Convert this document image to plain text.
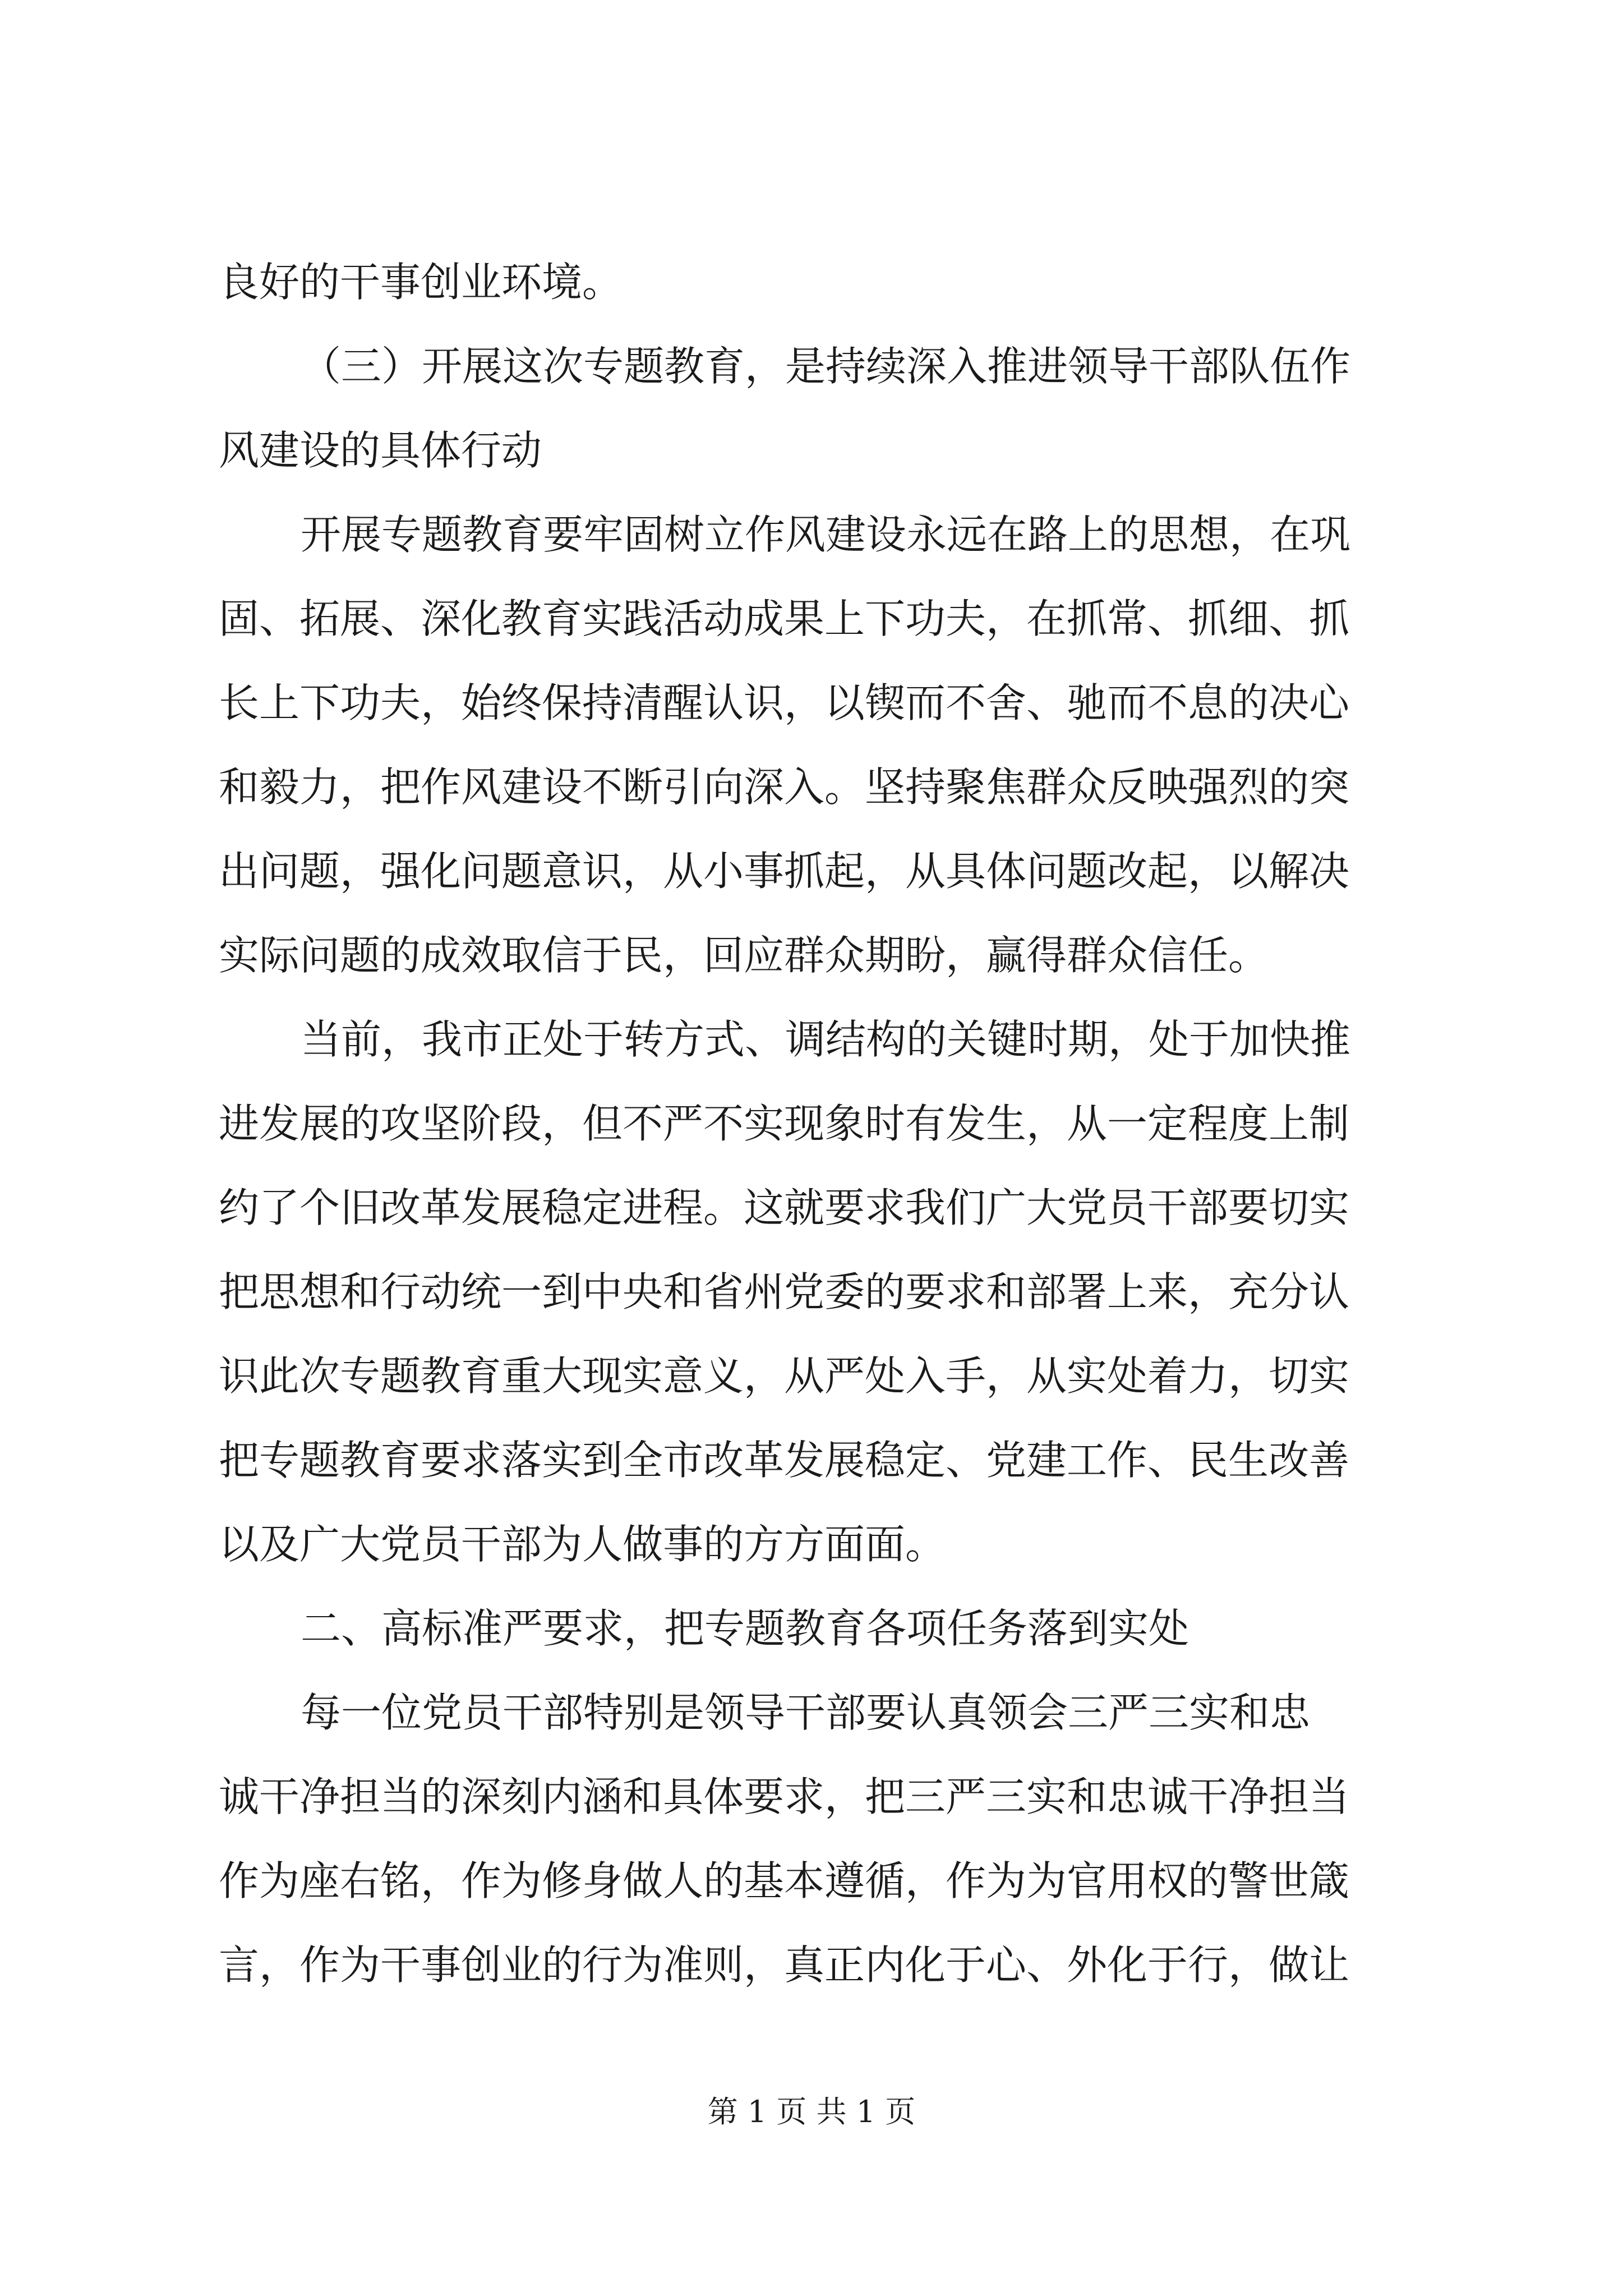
良好的干事创业环境。
（三）开展这次专题教育，是持续深入推进领导干部队伍作
风建设的具体行动
开展专题教育要牢固树立作风建设永远在路上的思想，在巩
固、拓展、深化教育实践活动成果上下功夫，在抓常、抓细、抓
长上下功夫，始终保持清醒认识，以锲而不舍、驰而不息的决心
和毅力，把作风建设不断引向深入。坚持聚焦群众反映强烈的突
出问题，强化问题意识，从小事抓起，从具体问题改起，以解决
实际问题的成效取信于民，回应群众期盼，赢得群众信任。
当前，我市正处于转方式、调结构的关键时期，处于加快推
进发展的攻坚阶段，但不严不实现象时有发生，从一定程度上制
约了个旧改革发展稳定进程。这就要求我们广大党员干部要切实
把思想和行动统一到中央和省州党委的要求和部署上来，充分认
识此次专题教育重大现实意义，从严处入手，从实处着力，切实
把专题教育要求落实到全市改革发展稳定、党建工作、民生改善
以及广大党员干部为人做事的方方面面。
二、高标准严要求，把专题教育各项任务落到实处
每一位党员干部特别是领导干部要认真领会三严三实和忠
诚干净担当的深刻内涵和具体要求，把三严三实和忠诚干净担当
作为座右铭，作为修身做人的基本遵循，作为为官用权的警世箴
言，作为干事创业的行为准则，真正内化于心、外化于行，做让
第 1 页 共 1 页
